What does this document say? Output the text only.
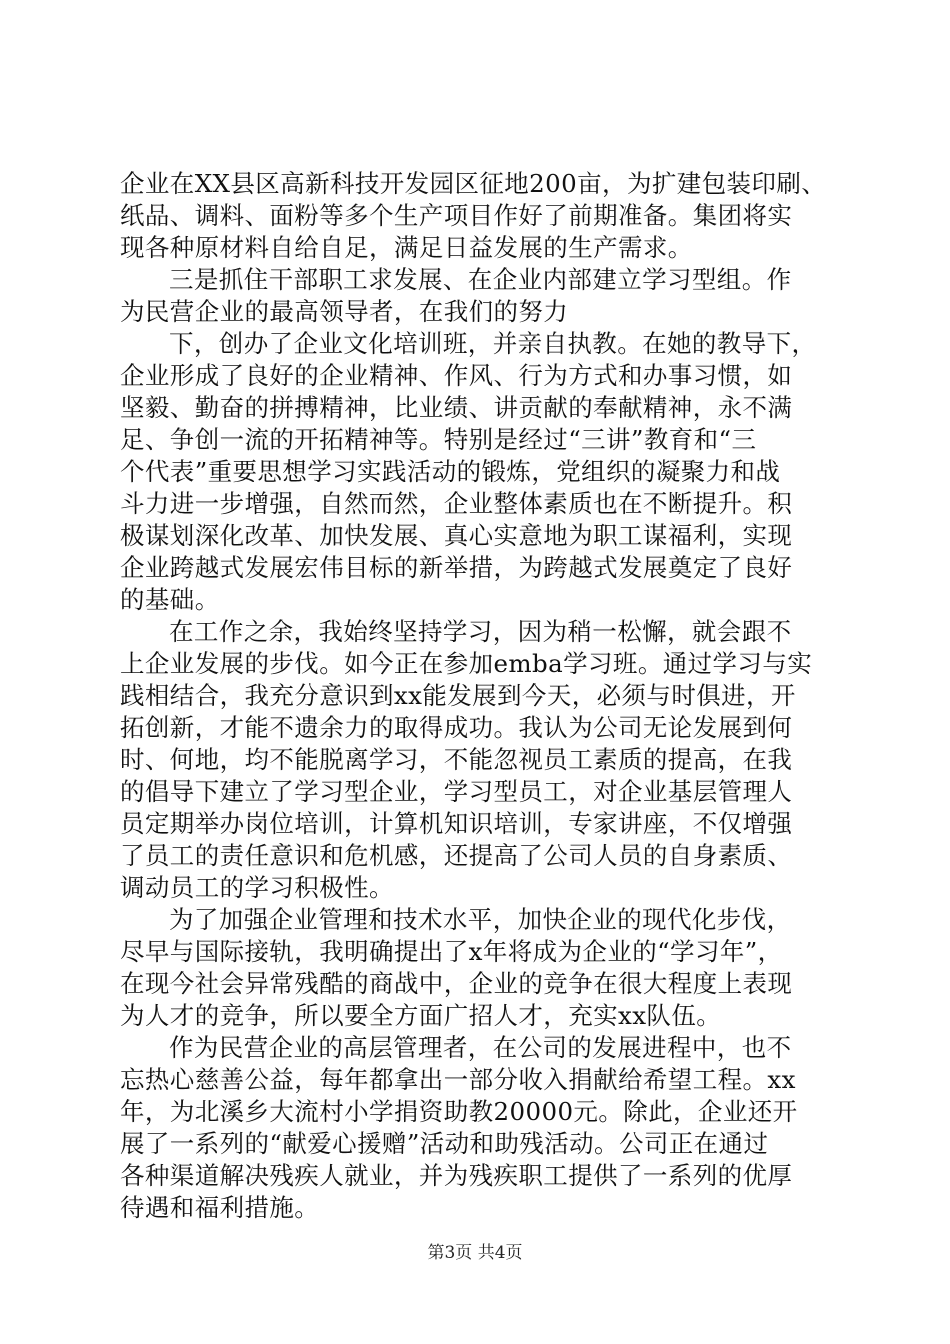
企业在XX县区高新科技开发园区征地200亩，为扩建包装印刷、
纸品、调料、面粉等多个生产项目作好了前期准备。集团将实
现各种原材料自给自足，满足日益发展的生产需求。
三是抓住干部职工求发展、在企业内部建立学习型组。作
为民营企业的最高领导者，在我们的努力
下，创办了企业文化培训班，并亲自执教。在她的教导下，
企业形成了良好的企业精神、作风、行为方式和办事习惯，如
坚毅、勤奋的拼搏精神，比业绩、讲贡献的奉献精神，永不满
足、争创一流的开拓精神等。特别是经过“三讲”教育和“三
个代表”重要思想学习实践活动的锻炼，党组织的凝聚力和战
斗力进一步增强，自然而然，企业整体素质也在不断提升。积
极谋划深化改革、加快发展、真心实意地为职工谋福利，实现
企业跨越式发展宏伟目标的新举措，为跨越式发展奠定了良好
的基础。
在工作之余，我始终坚持学习，因为稍一松懈，就会跟不
上企业发展的步伐。如今正在参加emba学习班。通过学习与实
践相结合，我充分意识到xx能发展到今天，必须与时俱进，开
拓创新，才能不遗余力的取得成功。我认为公司无论发展到何
时、何地，均不能脱离学习，不能忽视员工素质的提高，在我
的倡导下建立了学习型企业，学习型员工，对企业基层管理人
员定期举办岗位培训，计算机知识培训，专家讲座，不仅增强
了员工的责任意识和危机感，还提高了公司人员的自身素质、
调动员工的学习积极性。
为了加强企业管理和技术水平，加快企业的现代化步伐，
尽早与国际接轨，我明确提出了x年将成为企业的“学习年”，
在现今社会异常残酷的商战中，企业的竞争在很大程度上表现
为人才的竞争，所以要全方面广招人才，充实xx队伍。
作为民营企业的高层管理者，在公司的发展进程中，也不
忘热心慈善公益，每年都拿出一部分收入捐献给希望工程。xx
年，为北溪乡大流村小学捐资助教20000元。除此，企业还开
展了一系列的“献爱心援赠”活动和助残活动。公司正在通过
各种渠道解决残疾人就业，并为残疾职工提供了一系列的优厚
待遇和福利措施。
第3页 共4页
